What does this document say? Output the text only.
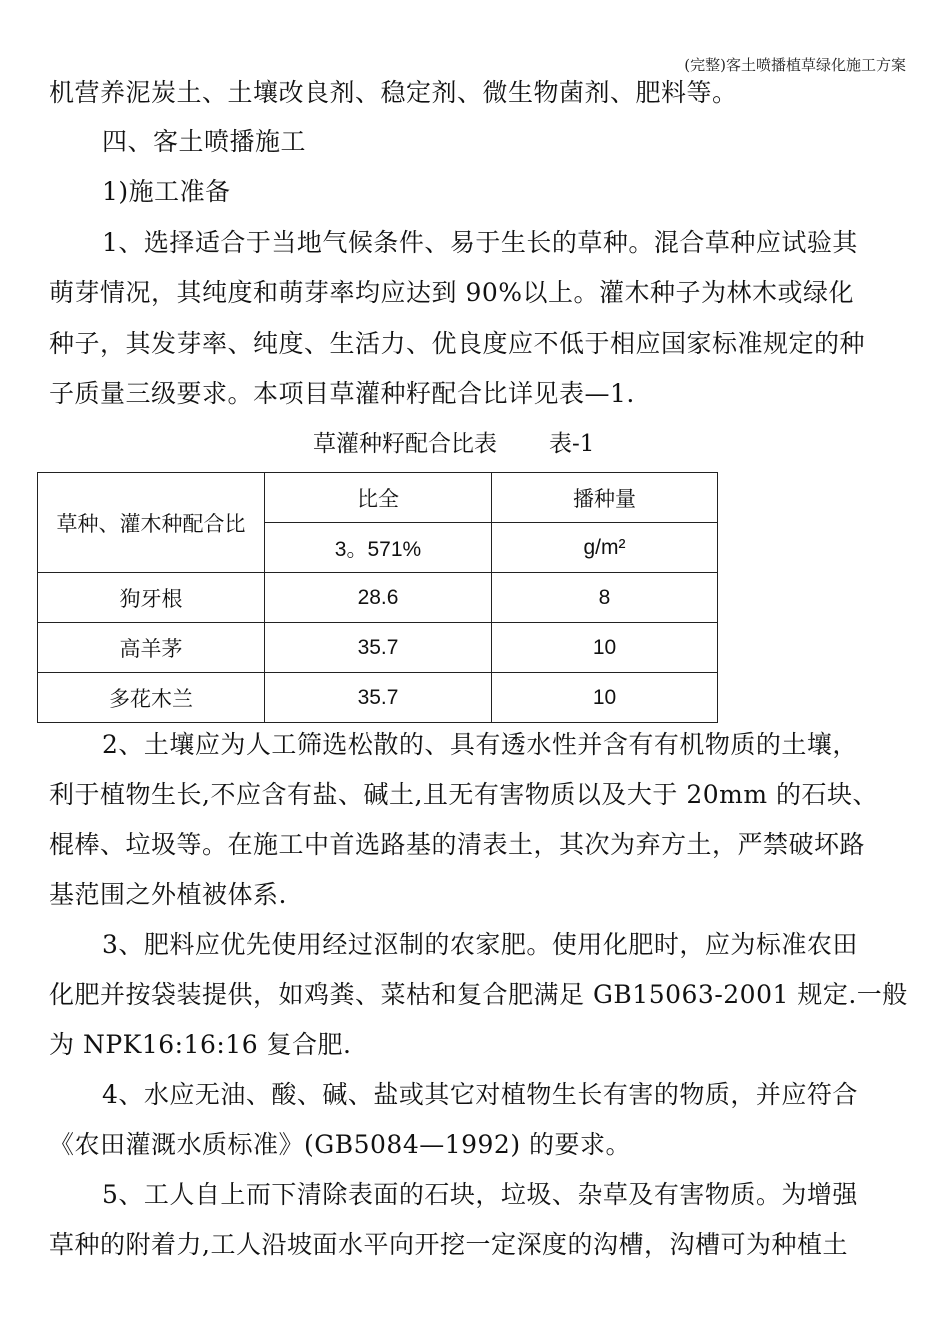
(完整)客土喷播植草绿化施工方案
机营养泥炭土、土壤改良剂、稳定剂、微生物菌剂、肥料等。
四、客土喷播施工
1)施工准备
1、选择适合于当地气候条件、易于生长的草种。混合草种应试验其
萌芽情况，其纯度和萌芽率均应达到 90%以上。灌木种子为林木或绿化
种子，其发芽率、纯度、生活力、优良度应不低于相应国家标准规定的种
子质量三级要求。本项目草灌种籽配合比详见表—1.
草灌种籽配合比表 表-1
草种、灌木种配合比	比全	播种量
	3。571%	g/m²
狗牙根	28.6	8
高羊茅	35.7	10
多花木兰	35.7	10
2、土壤应为人工筛选松散的、具有透水性并含有有机物质的土壤，
利于植物生长,不应含有盐、碱土,且无有害物质以及大于 20mm 的石块、
棍棒、垃圾等。在施工中首选路基的清表土，其次为弃方土，严禁破坏路
基范围之外植被体系.
3、肥料应优先使用经过沤制的农家肥。使用化肥时，应为标准农田
化肥并按袋装提供，如鸡粪、菜枯和复合肥满足 GB15063-2001 规定.一般
为 NPK16:16:16 复合肥.
4、水应无油、酸、碱、盐或其它对植物生长有害的物质，并应符合
《农田灌溉水质标准》(GB5084—1992) 的要求。
5、工人自上而下清除表面的石块，垃圾、杂草及有害物质。为增强
草种的附着力,工人沿坡面水平向开挖一定深度的沟槽，沟槽可为种植土
